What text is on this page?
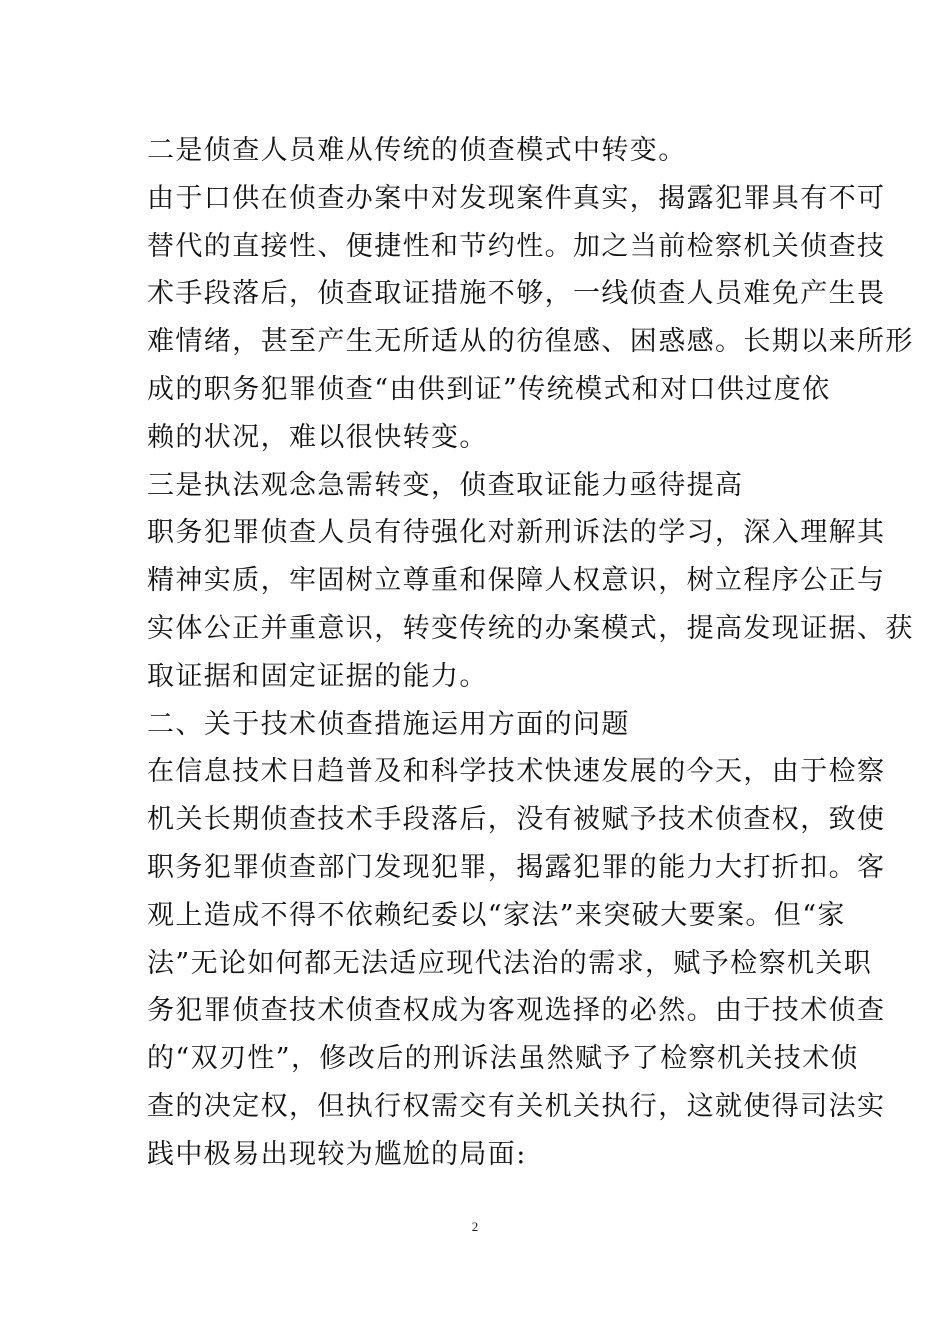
二是侦查人员难从传统的侦查模式中转变。
由于口供在侦查办案中对发现案件真实，揭露犯罪具有不可
替代的直接性、便捷性和节约性。加之当前检察机关侦查技
术手段落后，侦查取证措施不够，一线侦查人员难免产生畏
难情绪，甚至产生无所适从的彷徨感、困惑感。长期以来所形
成的职务犯罪侦查“由供到证”传统模式和对口供过度依
赖的状况，难以很快转变。
三是执法观念急需转变，侦查取证能力亟待提高
职务犯罪侦查人员有待强化对新刑诉法的学习，深入理解其
精神实质，牢固树立尊重和保障人权意识，树立程序公正与
实体公正并重意识，转变传统的办案模式，提高发现证据、获
取证据和固定证据的能力。
二、关于技术侦查措施运用方面的问题
在信息技术日趋普及和科学技术快速发展的今天，由于检察
机关长期侦查技术手段落后，没有被赋予技术侦查权，致使
职务犯罪侦查部门发现犯罪，揭露犯罪的能力大打折扣。客
观上造成不得不依赖纪委以“家法”来突破大要案。但“家
法”无论如何都无法适应现代法治的需求，赋予检察机关职
务犯罪侦查技术侦查权成为客观选择的必然。由于技术侦查
的“双刃性”，修改后的刑诉法虽然赋予了检察机关技术侦
查的决定权，但执行权需交有关机关执行，这就使得司法实
践中极易出现较为尴尬的局面:
2
